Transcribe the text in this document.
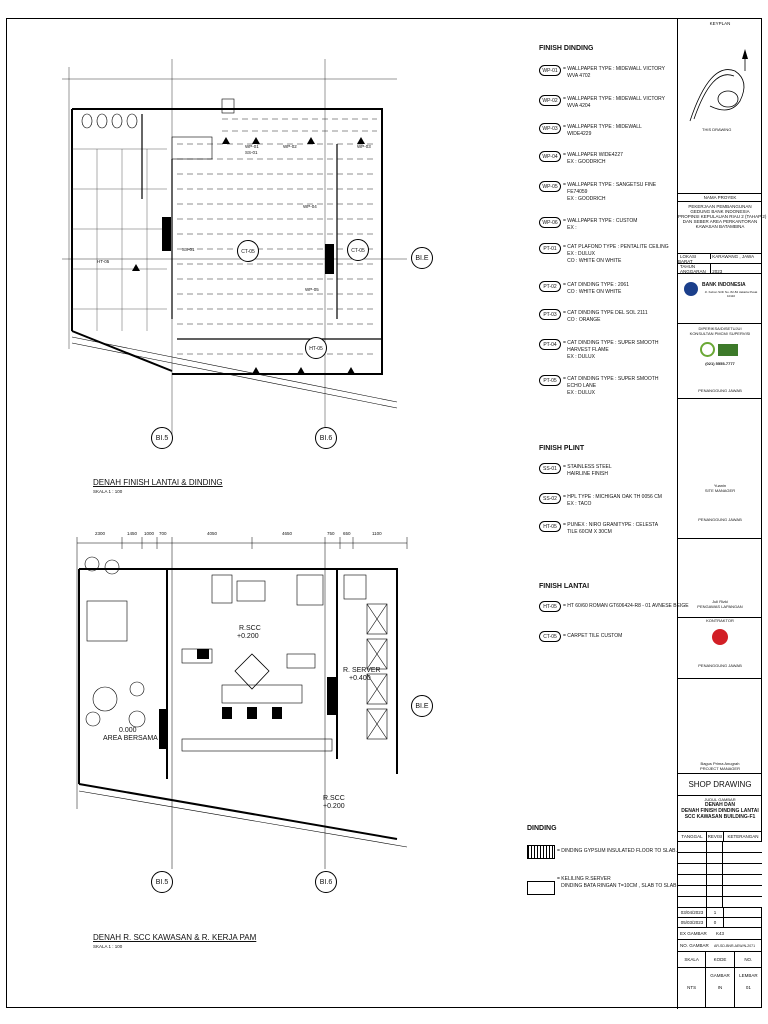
WP-01
SS-01
WP-02
HT-05
WP-03
SS-01
WP-04
WP-05
CT-05	CT-05
HT-05
BI.5	BI.6
BI.E
DENAH FINISH LANTAI & DINDING
SKALA 1 : 100
2300	1450 1000 700	4050	4650	750 650	1100
R.SCC
+0.200
R. SERVER
+0.400
0.000
AREA BERSAMA
R.SCC
+0.200
BI.5	BI.6
BI.E
DENAH R. SCC KAWASAN & R. KERJA PAM
SKALA 1 : 100
FINISH DINDING
WP-01	= WALLPAPER TYPE : MIDEWALL VICTORY
WVA 4702
WP-02	= WALLPAPER TYPE : MIDEWALL VICTORY
WVA 4204
WP-03	= WALLPAPER TYPE : MIDEWALL
WIDE4229
WP-04	= WALLPAPER WIDE4227
EX : GOODRICH
WP-05	= WALLPAPER TYPE : SANGETSU FINE
FE74059
EX : GOODRICH
WP-06	= WALLPAPER TYPE : CUSTOM
EX :
PT-01	= CAT PLAFOND TYPE : PENTALITE CEILING
EX : DULUX
CO : WHITE ON WHITE
PT-02	= CAT DINDING TYPE : 2061
CO : WHITE ON WHITE
PT-03	= CAT DINDING TYPE DEL SOL 2111
CO : ORANGE
PT-04	= CAT DINDING TYPE : SUPER SMOOTH
HARVEST FLAME
EX : DULUX
PT-05	= CAT DINDING TYPE : SUPER SMOOTH
ECHO LANE
EX : DULUX
FINISH PLINT
SS-01	= STAINLESS STEEL
HAIRLINE FINISH
SS-02	= HPL TYPE : MICHIGAN OAK TH 0056 CM
EX : TACO
HT-05	= PUNEX : NIRO GRANITYPE : CELESTA
TILE 60CM X 30CM
FINISH LANTAI
HT-05	= HT 60/60 ROMAN GT606424-R8 - 01 AVNESE BEIGE
CT-05	= CARPET TILE CUSTOM
DINDING
= DINDING GYPSUM INSULATED FLOOR TO SLAB.
= KELILING R.SERVER
DINDING BATA RINGAN T=10CM , SLAB TO SLAB
KEYPLAN
THIS DRAWING
NAMA PROYEK
PEKERJAAN PEMBANGUNAN
GEDUNG BANK INDONESIA
PROPINSI KEPULAUAN RIAU 2 (TAHAP 2)
DAN SEBER AREA PERKANTORAN
KAWASAN BATAMBINA
LOKASI	KARAWANG , JAWA BARAT
TAHUN ANGGARAN 2023
BANK INDONESIA
Jl. Kebon Sirih No. 82-84 Jakarta Pusat 10110
DIPERIKSA/DISETUJUI
KONSULTAN PMCM/ SUPERVISI
(021) 5555-7777
PENANGGUNG JAWAB
Yuanin
SITE MANAGER
PENANGGUNG JAWAB
Juli Rizki
PENGAWAS LAPANGAN
KONTRAKTOR
PENANGGUNG JAWAB
Bagus Prima Anugrah
PROJECT MANAGER
SHOP DRAWING
JUDUL GAMBAR
DENAH DAN
DENAH FINISH DINDING LANTAI
SCC KAWASAN BUILDING-F1
TANGGAL	REVISI	KETERANGAN
03/04/2023	1
05/03/2023	0
EX GAMBAR K43
NO. GAMBAR AR-SD-BNR-AEW/N-2071
SKALA	KODE GAMBAR
NO. LEMBAR
NTS	IN	01
